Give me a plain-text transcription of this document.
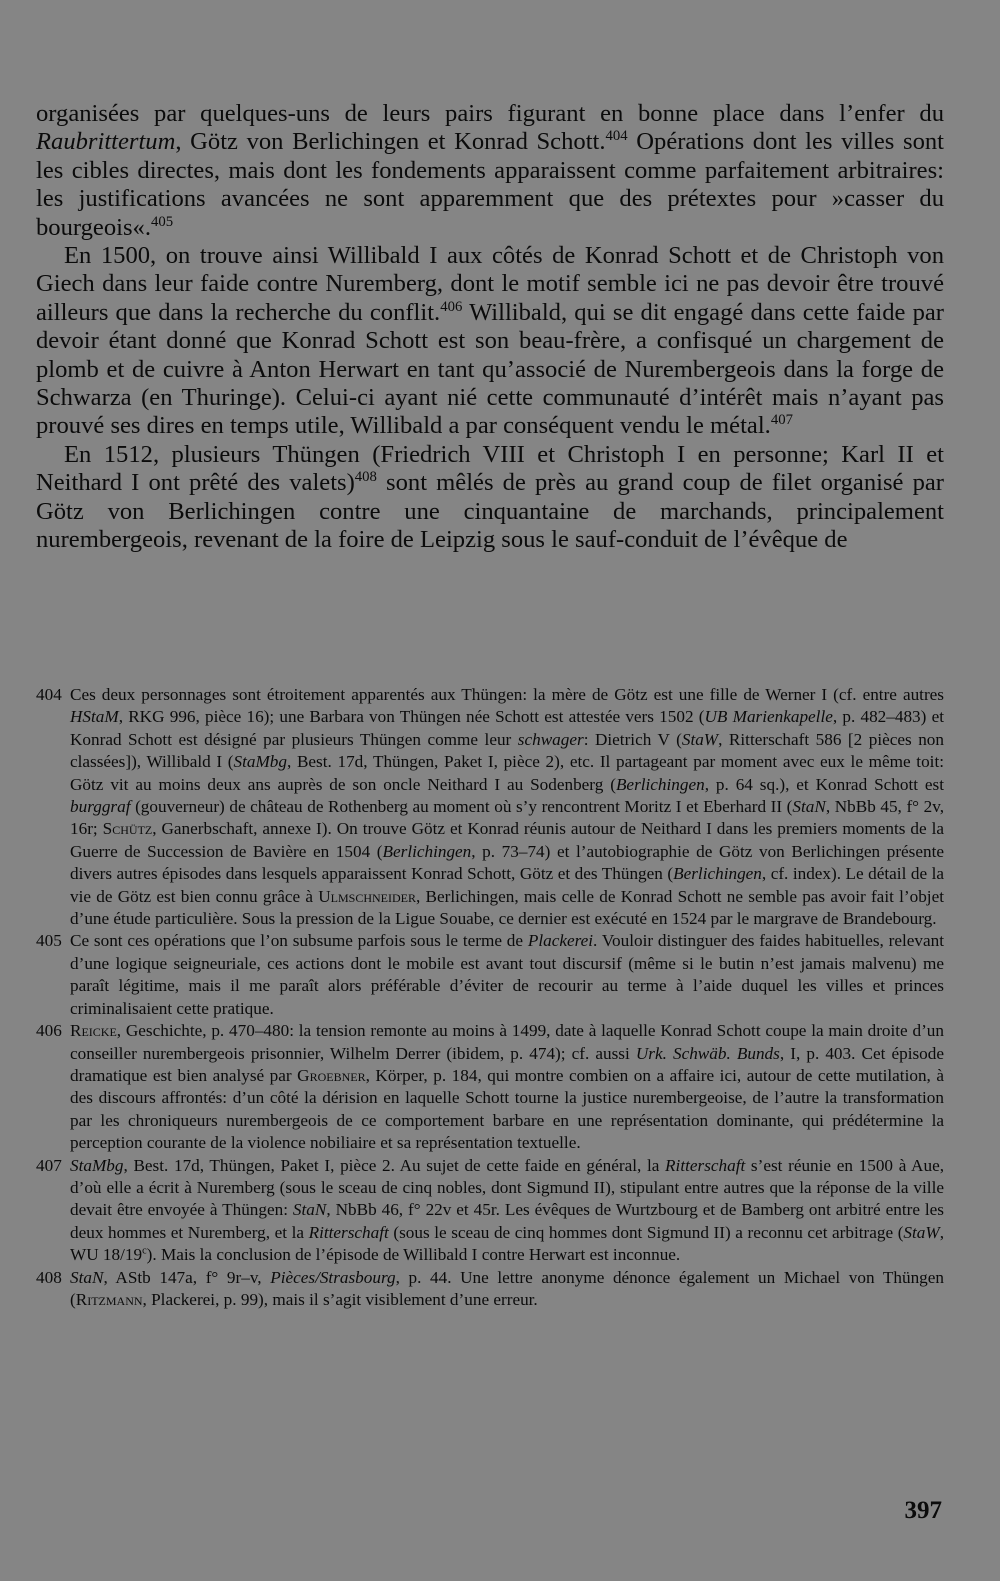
organisées par quelques-uns de leurs pairs figurant en bonne place dans l’enfer du Raubrittertum, Götz von Berlichingen et Konrad Schott.$^{404}$ Opérations dont les villes sont les cibles directes, mais dont les fondements apparaissent comme parfaitement arbitraires: les justifications avancées ne sont apparemment que des prétextes pour »casser du bourgeois«.$^{405}$

En 1500, on trouve ainsi Willibald I aux côtés de Konrad Schott et de Christoph von Giech dans leur faide contre Nuremberg, dont le motif semble ici ne pas devoir être trouvé ailleurs que dans la recherche du conflit.$^{406}$ Willibald, qui se dit engagé dans cette faide par devoir étant donné que Konrad Schott est son beau-frère, a confisqué un chargement de plomb et de cuivre à Anton Herwart en tant qu’associé de Nurembergeois dans la forge de Schwarza (en Thuringe). Celui-ci ayant nié cette communauté d’intérêt mais n’ayant pas prouvé ses dires en temps utile, Willibald a par conséquent vendu le métal.$^{407}$

En 1512, plusieurs Thüngen (Friedrich VIII et Christoph I en personne; Karl II et Neithard I ont prêté des valets)$^{408}$ sont mêlés de près au grand coup de filet organisé par Götz von Berlichingen contre une cinquantaine de marchands, principalement nurembergeois, revenant de la foire de Leipzig sous le sauf-conduit de l’évêque de

404 Ces deux personnages sont étroitement apparentés aux Thüngen: la mère de Götz est une fille de Werner I (cf. entre autres HStaM, RKG 996, pièce 16); une Barbara von Thüngen née Schott est attestée vers 1502 (UB Marienkapelle, p. 482–483) et Konrad Schott est désigné par plusieurs Thüngen comme leur schwager: Dietrich V (StaW, Ritterschaft 586 [2 pièces non classées]), Willibald I (StaMbg, Best. 17d, Thüngen, Paket I, pièce 2), etc. Il partageant par moment avec eux le même toit: Götz vit au moins deux ans auprès de son oncle Neithard I au Sodenberg (Berlichingen, p. 64 sq.), et Konrad Schott est burggraf (gouverneur) de château de Rothenberg au moment où s’y rencontrent Moritz I et Eberhard II (StaN, NbBb 45, f° 2v, 16r; Schütz, Ganerbschaft, annexe I). On trouve Götz et Konrad réunis autour de Neithard I dans les premiers moments de la Guerre de Succession de Bavière en 1504 (Berlichingen, p. 73–74) et l’autobiographie de Götz von Berlichingen présente divers autres épisodes dans lesquels apparaissent Konrad Schott, Götz et des Thüngen (Berlichingen, cf. index). Le détail de la vie de Götz est bien connu grâce à Ulmschneider, Berlichingen, mais celle de Konrad Schott ne semble pas avoir fait l’objet d’une étude particulière. Sous la pression de la Ligue Souabe, ce dernier est exécuté en 1524 par le margrave de Brandebourg.
405 Ce sont ces opérations que l’on subsume parfois sous le terme de Plackerei. Vouloir distinguer des faides habituelles, relevant d’une logique seigneuriale, ces actions dont le mobile est avant tout discursif (même si le butin n’est jamais malvenu) me paraît légitime, mais il me paraît alors préférable d’éviter de recourir au terme à l’aide duquel les villes et princes criminalisaient cette pratique.
406 Reicke, Geschichte, p. 470–480: la tension remonte au moins à 1499, date à laquelle Konrad Schott coupe la main droite d’un conseiller nurembergeois prisonnier, Wilhelm Derrer (ibidem, p. 474); cf. aussi Urk. Schwäb. Bunds, I, p. 403. Cet épisode dramatique est bien analysé par Groebner, Körper, p. 184, qui montre combien on a affaire ici, autour de cette mutilation, à des discours affrontés: d’un côté la dérision en laquelle Schott tourne la justice nurembergeoise, de l’autre la transformation par les chroniqueurs nurembergeois de ce comportement barbare en une représentation dominante, qui prédétermine la perception courante de la violence nobiliaire et sa représentation textuelle.
407 StaMbg, Best. 17d, Thüngen, Paket I, pièce 2. Au sujet de cette faide en général, la Ritterschaft s’est réunie en 1500 à Aue, d’où elle a écrit à Nuremberg (sous le sceau de cinq nobles, dont Sigmund II), stipulant entre autres que la réponse de la ville devait être envoyée à Thüngen: StaN, NbBb 46, f° 22v et 45r. Les évêques de Wurtzbourg et de Bamberg ont arbitré entre les deux hommes et Nuremberg, et la Ritterschaft (sous le sceau de cinq hommes dont Sigmund II) a reconnu cet arbitrage (StaW, WU 18/19$^c$). Mais la conclusion de l’épisode de Willibald I contre Herwart est inconnue.
408 StaN, AStb 147a, f° 9r–v, Pièces/Strasbourg, p. 44. Une lettre anonyme dénonce également un Michael von Thüngen (Ritzmann, Plackerei, p. 99), mais il s’agit visiblement d’une erreur.
397
